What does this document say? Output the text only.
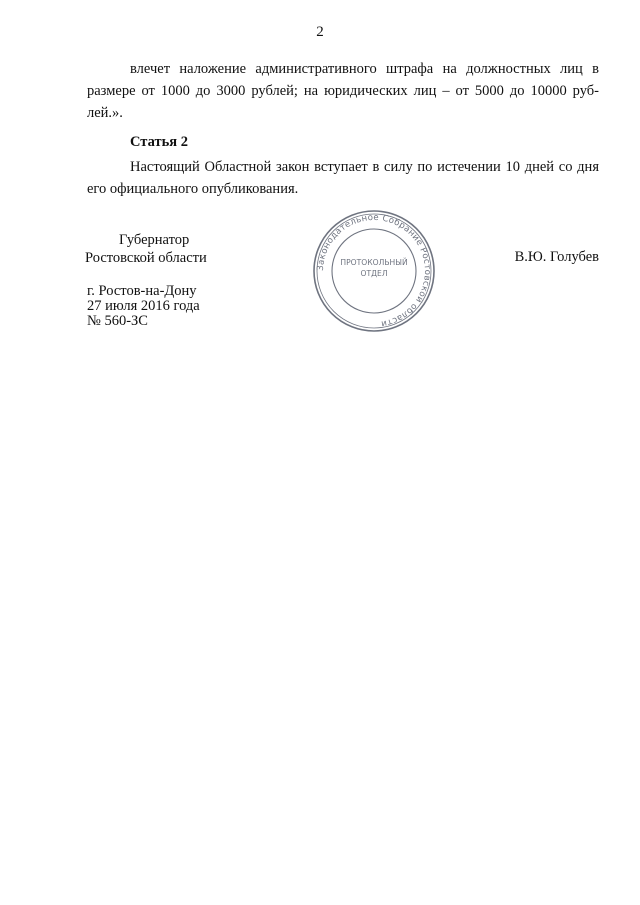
2

влечет наложение административного штрафа на должностных лиц в размере от 1000 до 3000 рублей; на юридических лиц – от 5000 до 10000 руб-лей.».

Статья 2

Настоящий Областной закон вступает в силу по истечении 10 дней со дня его официального опубликования.

Губернатор
Ростовской области	В.Ю. Голубев
г. Ростов-на-Дону
27 июля 2016 года
№ 560-ЗС
Законодательное Собрание Ростовской области
ПРОТОКОЛЬНЫЙ
ОТДЕЛ
